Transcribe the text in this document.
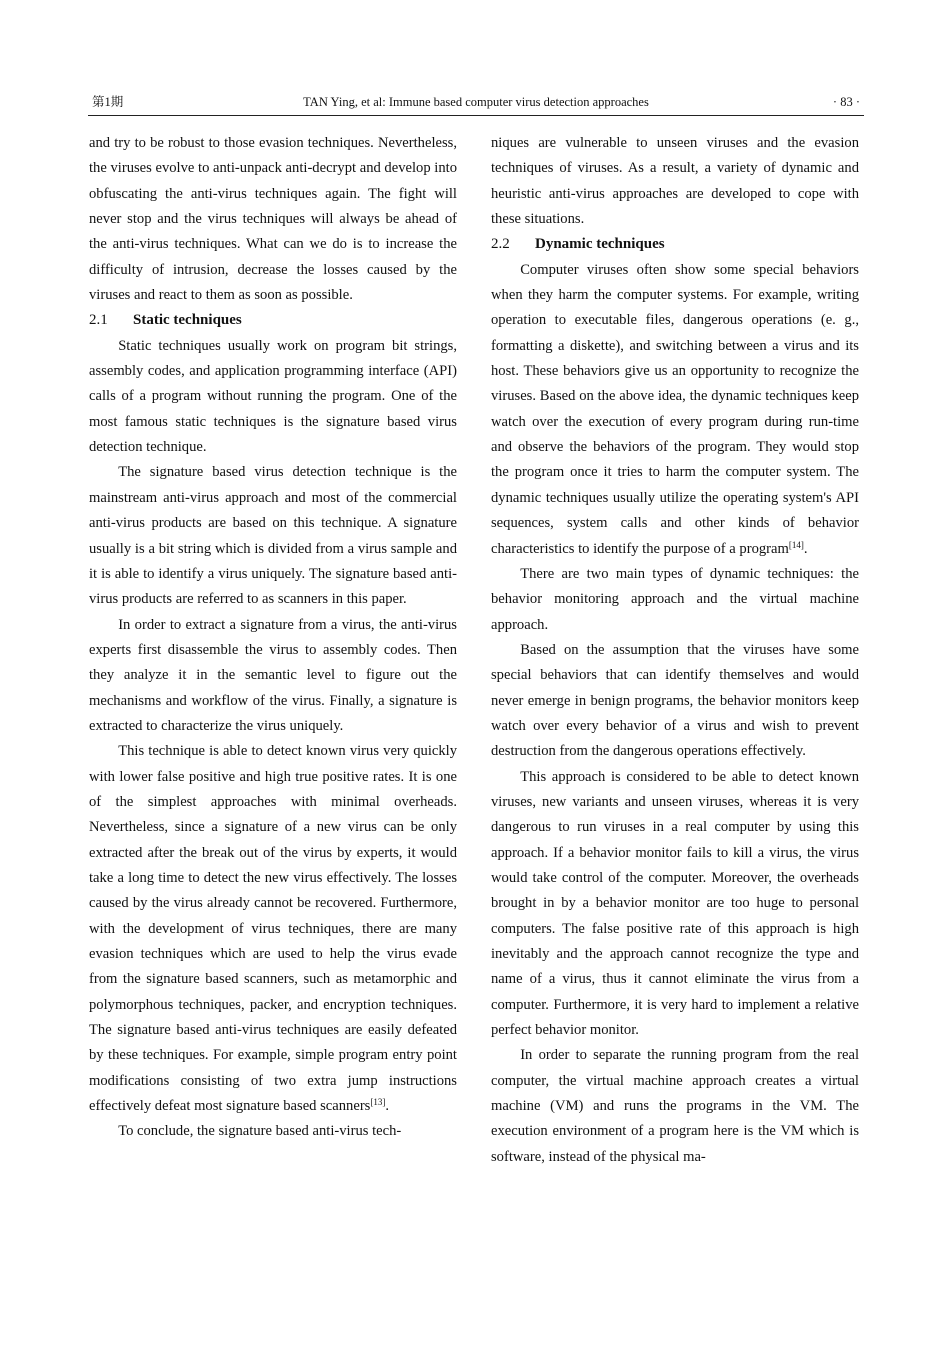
第1期	TAN Ying, et al: Immune based computer virus detection approaches	· 83 ·

and try to be robust to those evasion techniques. Nevertheless, the viruses evolve to anti-unpack anti-decrypt and develop into obfuscating the anti-virus techniques again. The fight will never stop and the virus techniques will always be ahead of the anti-virus techniques. What can we do is to increase the difficulty of intrusion, decrease the losses caused by the viruses and react to them as soon as possible.

2.1 Static techniques

Static techniques usually work on program bit strings, assembly codes, and application programming interface (API) calls of a program without running the program. One of the most famous static techniques is the signature based virus detection technique.

The signature based virus detection technique is the mainstream anti-virus approach and most of the commercial anti-virus products are based on this technique. A signature usually is a bit string which is divided from a virus sample and it is able to identify a virus uniquely. The signature based anti-virus products are referred to as scanners in this paper.

In order to extract a signature from a virus, the anti-virus experts first disassemble the virus to assembly codes. Then they analyze it in the semantic level to figure out the mechanisms and workflow of the virus. Finally, a signature is extracted to characterize the virus uniquely.

This technique is able to detect known virus very quickly with lower false positive and high true positive rates. It is one of the simplest approaches with minimal overheads. Nevertheless, since a signature of a new virus can be only extracted after the break out of the virus by experts, it would take a long time to detect the new virus effectively. The losses caused by the virus already cannot be recovered. Furthermore, with the development of virus techniques, there are many evasion techniques which are used to help the virus evade from the signature based scanners, such as metamorphic and polymorphous techniques, packer, and encryption techniques. The signature based anti-virus techniques are easily defeated by these techniques. For example, simple program entry point modifications consisting of two extra jump instructions effectively defeat most signature based scanners[13].

To conclude, the signature based anti-virus tech-

niques are vulnerable to unseen viruses and the evasion techniques of viruses. As a result, a variety of dynamic and heuristic anti-virus approaches are developed to cope with these situations.

2.2 Dynamic techniques

Computer viruses often show some special behaviors when they harm the computer systems. For example, writing operation to executable files, dangerous operations (e. g., formatting a diskette), and switching between a virus and its host. These behaviors give us an opportunity to recognize the viruses. Based on the above idea, the dynamic techniques keep watch over the execution of every program during run-time and observe the behaviors of the program. They would stop the program once it tries to harm the computer system. The dynamic techniques usually utilize the operating system's API sequences, system calls and other kinds of behavior characteristics to identify the purpose of a program[14].

There are two main types of dynamic techniques: the behavior monitoring approach and the virtual machine approach.

Based on the assumption that the viruses have some special behaviors that can identify themselves and would never emerge in benign programs, the behavior monitors keep watch over every behavior of a virus and wish to prevent destruction from the dangerous operations effectively.

This approach is considered to be able to detect known viruses, new variants and unseen viruses, whereas it is very dangerous to run viruses in a real computer by using this approach. If a behavior monitor fails to kill a virus, the virus would take control of the computer. Moreover, the overheads brought in by a behavior monitor are too huge to personal computers. The false positive rate of this approach is high inevitably and the approach cannot recognize the type and name of a virus, thus it cannot eliminate the virus from a computer. Furthermore, it is very hard to implement a relative perfect behavior monitor.

In order to separate the running program from the real computer, the virtual machine approach creates a virtual machine (VM) and runs the programs in the VM. The execution environment of a program here is the VM which is software, instead of the physical ma-
